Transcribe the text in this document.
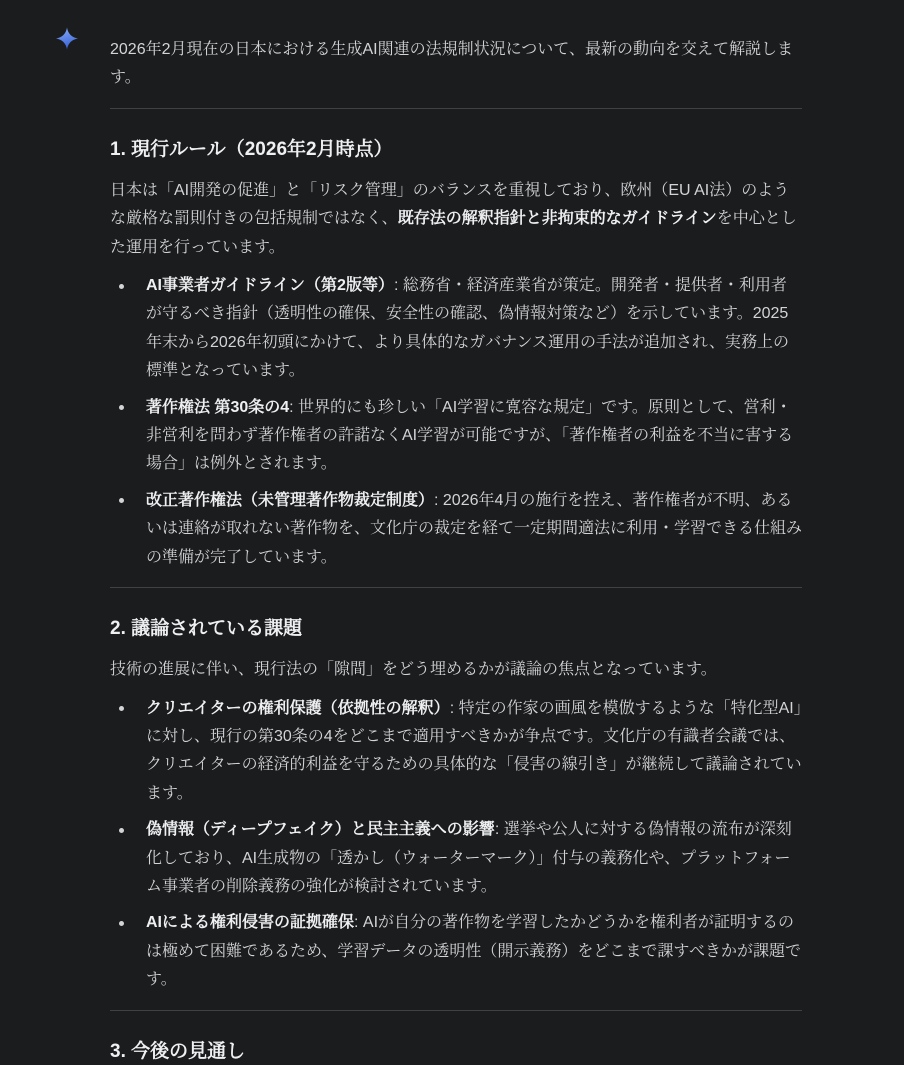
2026年2月現在の日本における生成AI関連の法規制状況について、最新の動向を交えて解説します。

1. 現行ルール（2026年2月時点）

日本は「AI開発の促進」と「リスク管理」のバランスを重視しており、欧州（EU AI法）のような厳格な罰則付きの包括規制ではなく、既存法の解釈指針と非拘束的なガイドラインを中心とした運用を行っています。

AI事業者ガイドライン（第2版等）: 総務省・経済産業省が策定。開発者・提供者・利用者が守るべき指針（透明性の確保、安全性の確認、偽情報対策など）を示しています。2025年末から2026年初頭にかけて、より具体的なガバナンス運用の手法が追加され、実務上の標準となっています。
著作権法 第30条の4: 世界的にも珍しい「AI学習に寛容な規定」です。原則として、営利・非営利を問わず著作権者の許諾なくAI学習が可能ですが、「著作権者の利益を不当に害する場合」は例外とされます。
改正著作権法（未管理著作物裁定制度）: 2026年4月の施行を控え、著作権者が不明、あるいは連絡が取れない著作物を、文化庁の裁定を経て一定期間適法に利用・学習できる仕組みの準備が完了しています。
2. 議論されている課題

技術の進展に伴い、現行法の「隙間」をどう埋めるかが議論の焦点となっています。

クリエイターの権利保護（依拠性の解釈）: 特定の作家の画風を模倣するような「特化型AI」に対し、現行の第30条の4をどこまで適用すべきかが争点です。文化庁の有識者会議では、クリエイターの経済的利益を守るための具体的な「侵害の線引き」が継続して議論されています。
偽情報（ディープフェイク）と民主主義への影響: 選挙や公人に対する偽情報の流布が深刻化しており、AI生成物の「透かし（ウォーターマーク）」付与の義務化や、プラットフォーム事業者の削除義務の強化が検討されています。
AIによる権利侵害の証拠確保: AIが自分の著作物を学習したかどうかを権利者が証明するのは極めて困難であるため、学習データの透明性（開示義務）をどこまで課すべきかが課題です。
3. 今後の見通し
